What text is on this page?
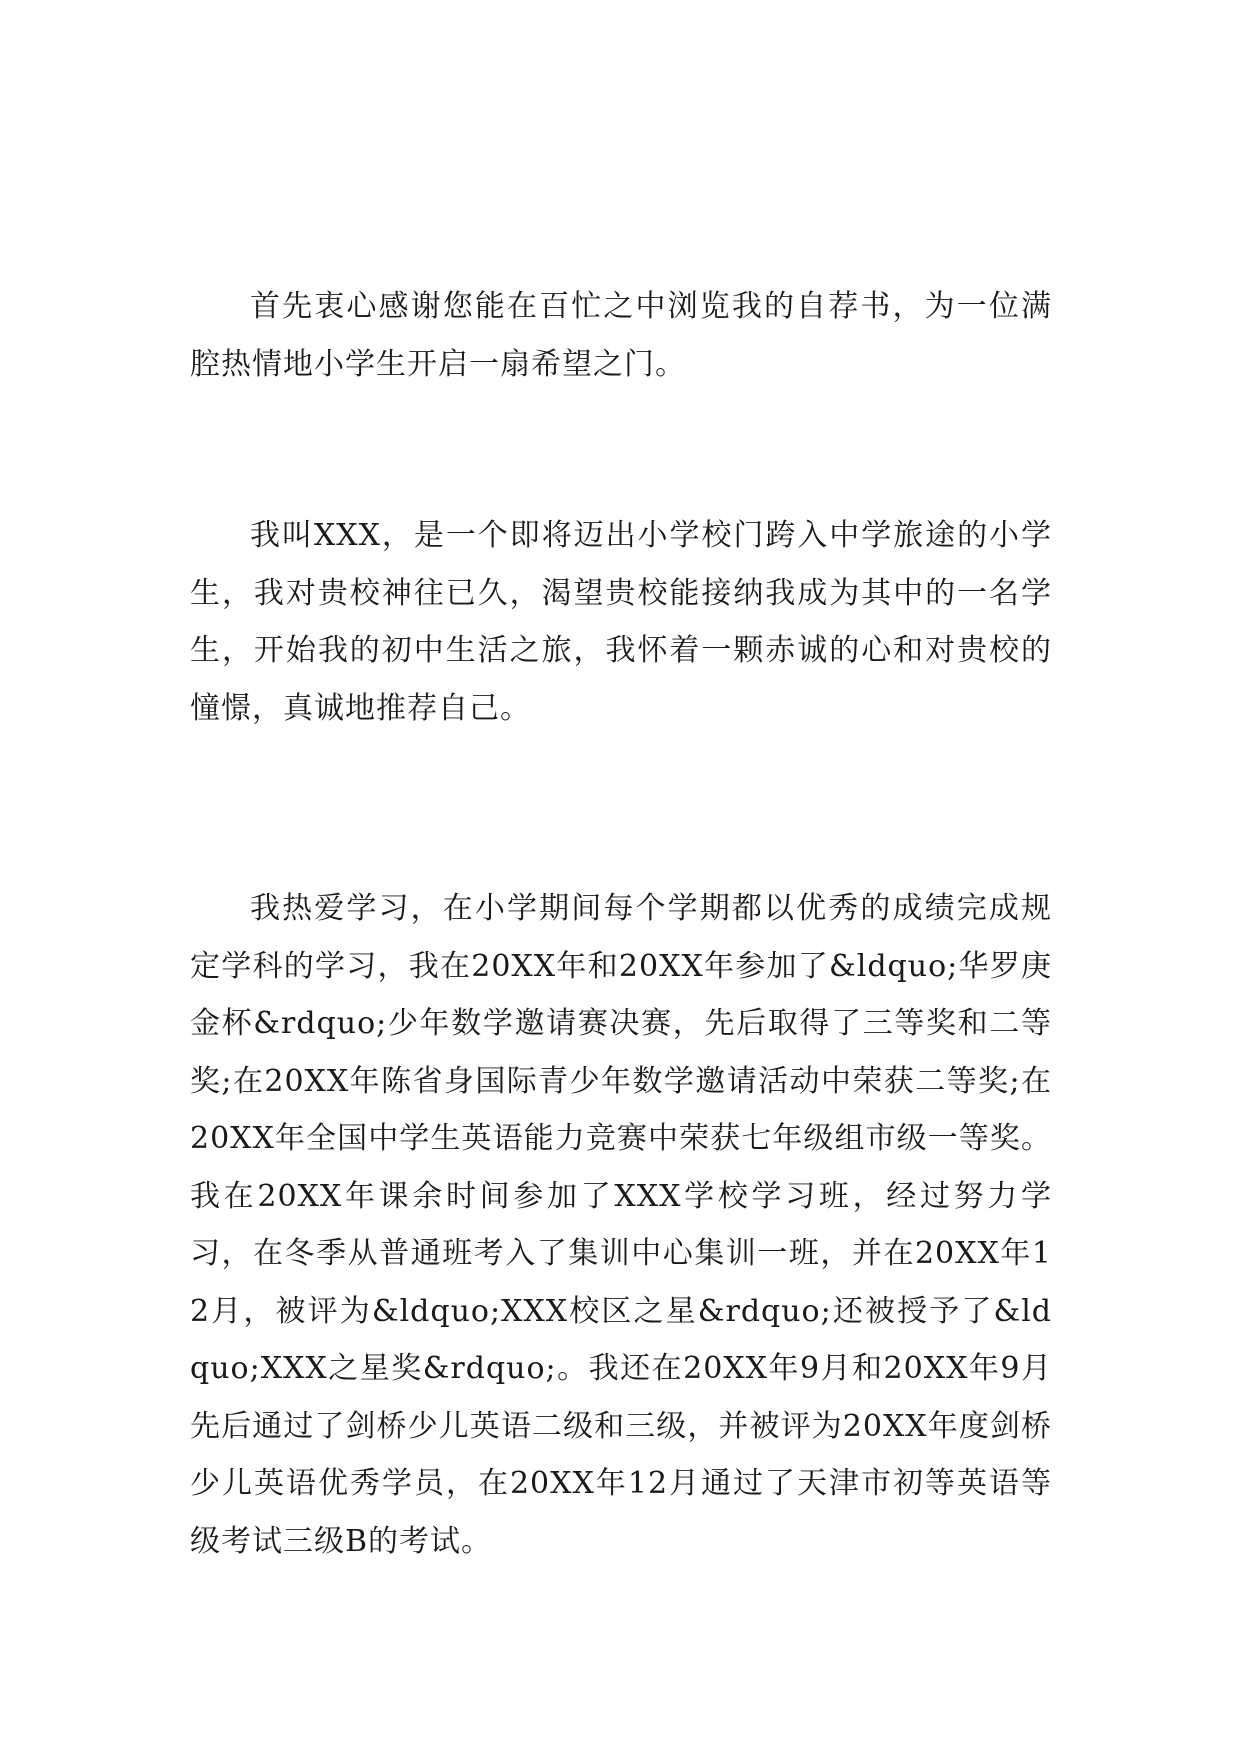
首先衷心感谢您能在百忙之中浏览我的自荐书，为一位满腔热情地小学生开启一扇希望之门。

我叫XXX，是一个即将迈出小学校门跨入中学旅途的小学生，我对贵校神往已久，渴望贵校能接纳我成为其中的一名学生，开始我的初中生活之旅，我怀着一颗赤诚的心和对贵校的憧憬，真诚地推荐自己。

我热爱学习，在小学期间每个学期都以优秀的成绩完成规定学科的学习，我在20XX年和20XX年参加了&ldquo;华罗庚金杯&rdquo;少年数学邀请赛决赛，先后取得了三等奖和二等奖;在20XX年陈省身国际青少年数学邀请活动中荣获二等奖;在20XX年全国中学生英语能力竞赛中荣获七年级组市级一等奖。我在20XX年课余时间参加了XXX学校学习班，经过努力学习，在冬季从普通班考入了集训中心集训一班，并在20XX年12月，被评为&ldquo;XXX校区之星&rdquo;还被授予了&ldquo;XXX之星奖&rdquo;。我还在20XX年9月和20XX年9月先后通过了剑桥少儿英语二级和三级，并被评为20XX年度剑桥少儿英语优秀学员，在20XX年12月通过了天津市初等英语等级考试三级B的考试。
